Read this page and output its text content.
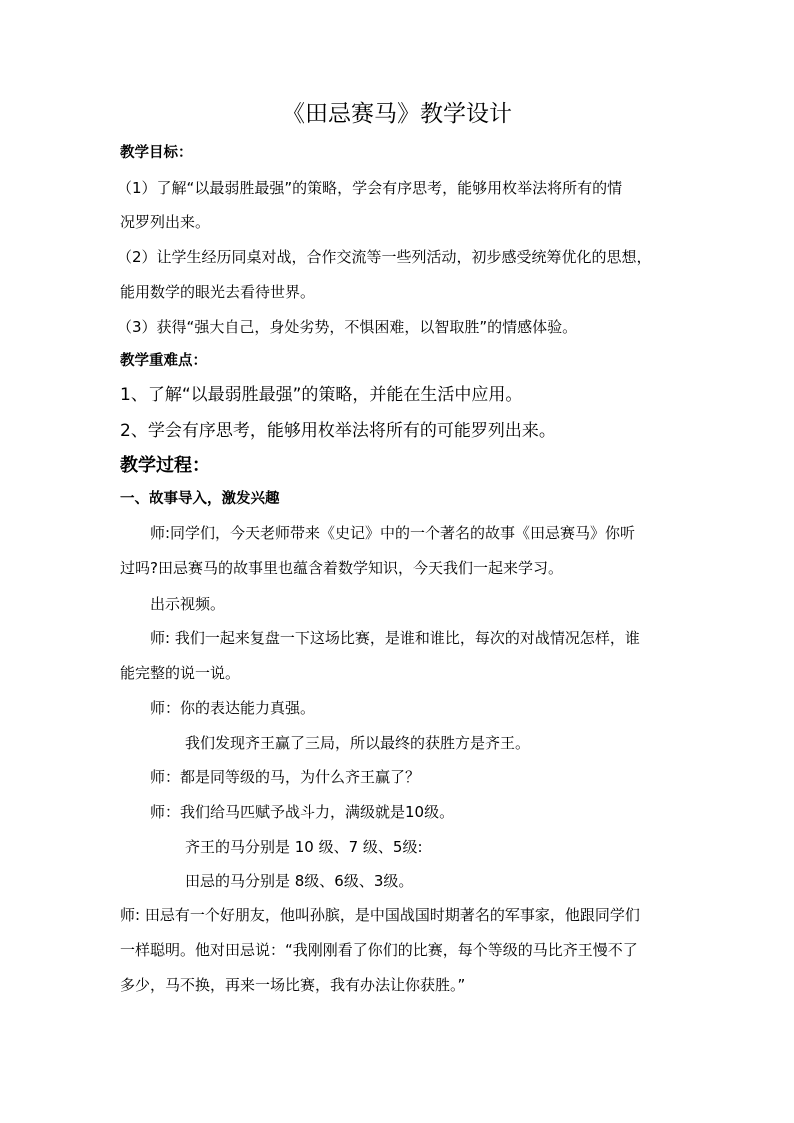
《田忌赛马》教学设计
教学目标：
（1）了解“以最弱胜最强”的策略，学会有序思考，能够用枚举法将所有的情
况罗列出来。
（2）让学生经历同桌对战，合作交流等一些列活动，初步感受统筹优化的思想，
能用数学的眼光去看待世界。
（3）获得“强大自己，身处劣势，不惧困难，以智取胜”的情感体验。
教学重难点：
1、了解“以最弱胜最强”的策略，并能在生活中应用。
2、学会有序思考，能够用枚举法将所有的可能罗列出来。
教学过程：
一、故事导入，激发兴趣
师:同学们，今天老师带来《史记》中的一个著名的故事《田忌赛马》你听
过吗?田忌赛马的故事里也蕴含着数学知识，今天我们一起来学习。
出示视频。
师: 我们一起来复盘一下这场比赛，是谁和谁比，每次的对战情况怎样，谁
能完整的说一说。
师：你的表达能力真强。
我们发现齐王赢了三局，所以最终的获胜方是齐王。
师：都是同等级的马，为什么齐王赢了？
师：我们给马匹赋予战斗力，满级就是10级。
齐王的马分别是 10 级、7 级、5级:
田忌的马分别是 8级、6级、3级。
师: 田忌有一个好朋友，他叫孙膑，是中国战国时期著名的军事家，他跟同学们
一样聪明。他对田忌说：“我刚刚看了你们的比赛，每个等级的马比齐王慢不了
多少，马不换，再来一场比赛，我有办法让你获胜。”
